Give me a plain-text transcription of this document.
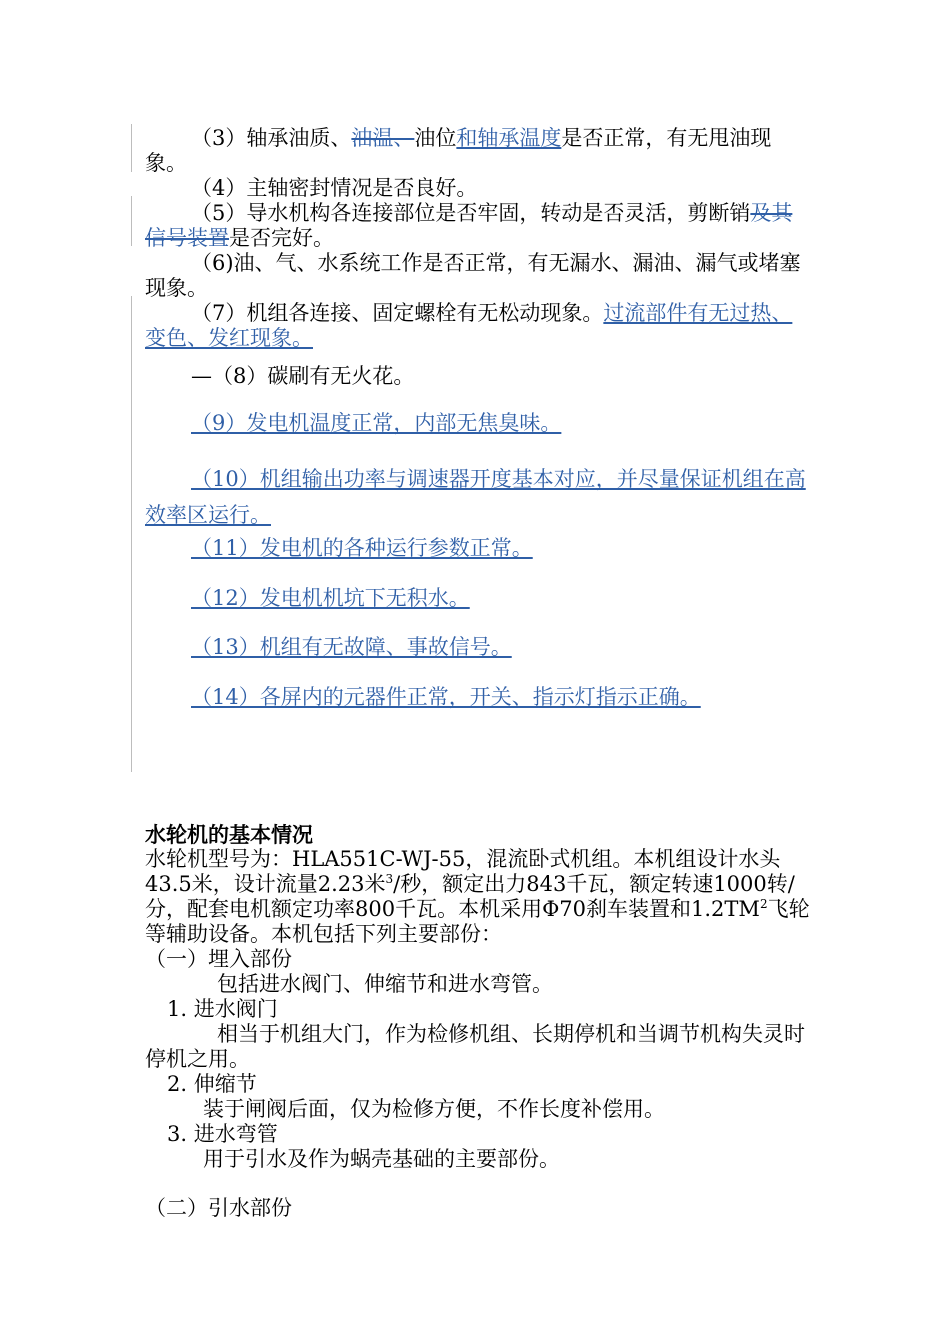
（3）轴承油质、油温、油位和轴承温度是否正常，有无甩油现象。

（4）主轴密封情况是否良好。

（5）导水机构各连接部位是否牢固，转动是否灵活，剪断销及其信号装置是否完好。

（6)油、气、水系统工作是否正常，有无漏水、漏油、漏气或堵塞现象。

（7）机组各连接、固定螺栓有无松动现象。过流部件有无过热、变色、发红现象。

—（8）碳刷有无火花。

（9）发电机温度正常，内部无焦臭味。

（10）机组输出功率与调速器开度基本对应，并尽量保证机组在高效率区运行。

（11）发电机的各种运行参数正常。

（12）发电机机坑下无积水。

（13）机组有无故障、事故信号。

（14）各屏内的元器件正常，开关、指示灯指示正确。

水轮机的基本情况

水轮机型号为：HLA551C-WJ-55，混流卧式机组。本机组设计水头43.5米，设计流量2.23米$^3$/秒，额定出力843千瓦，额定转速1000转/分，配套电机额定功率800千瓦。本机采用Φ70刹车装置和$1.2TM^2$飞轮等辅助设备。本机包括下列主要部份：

（一）埋入部份

包括进水阀门、伸缩节和进水弯管。

1. 进水阀门

相当于机组大门，作为检修机组、长期停机和当调节机构失灵时停机之用。

2. 伸缩节

装于闸阀后面，仅为检修方便，不作长度补偿用。

3. 进水弯管

用于引水及作为蜗壳基础的主要部份。

（二）引水部份
